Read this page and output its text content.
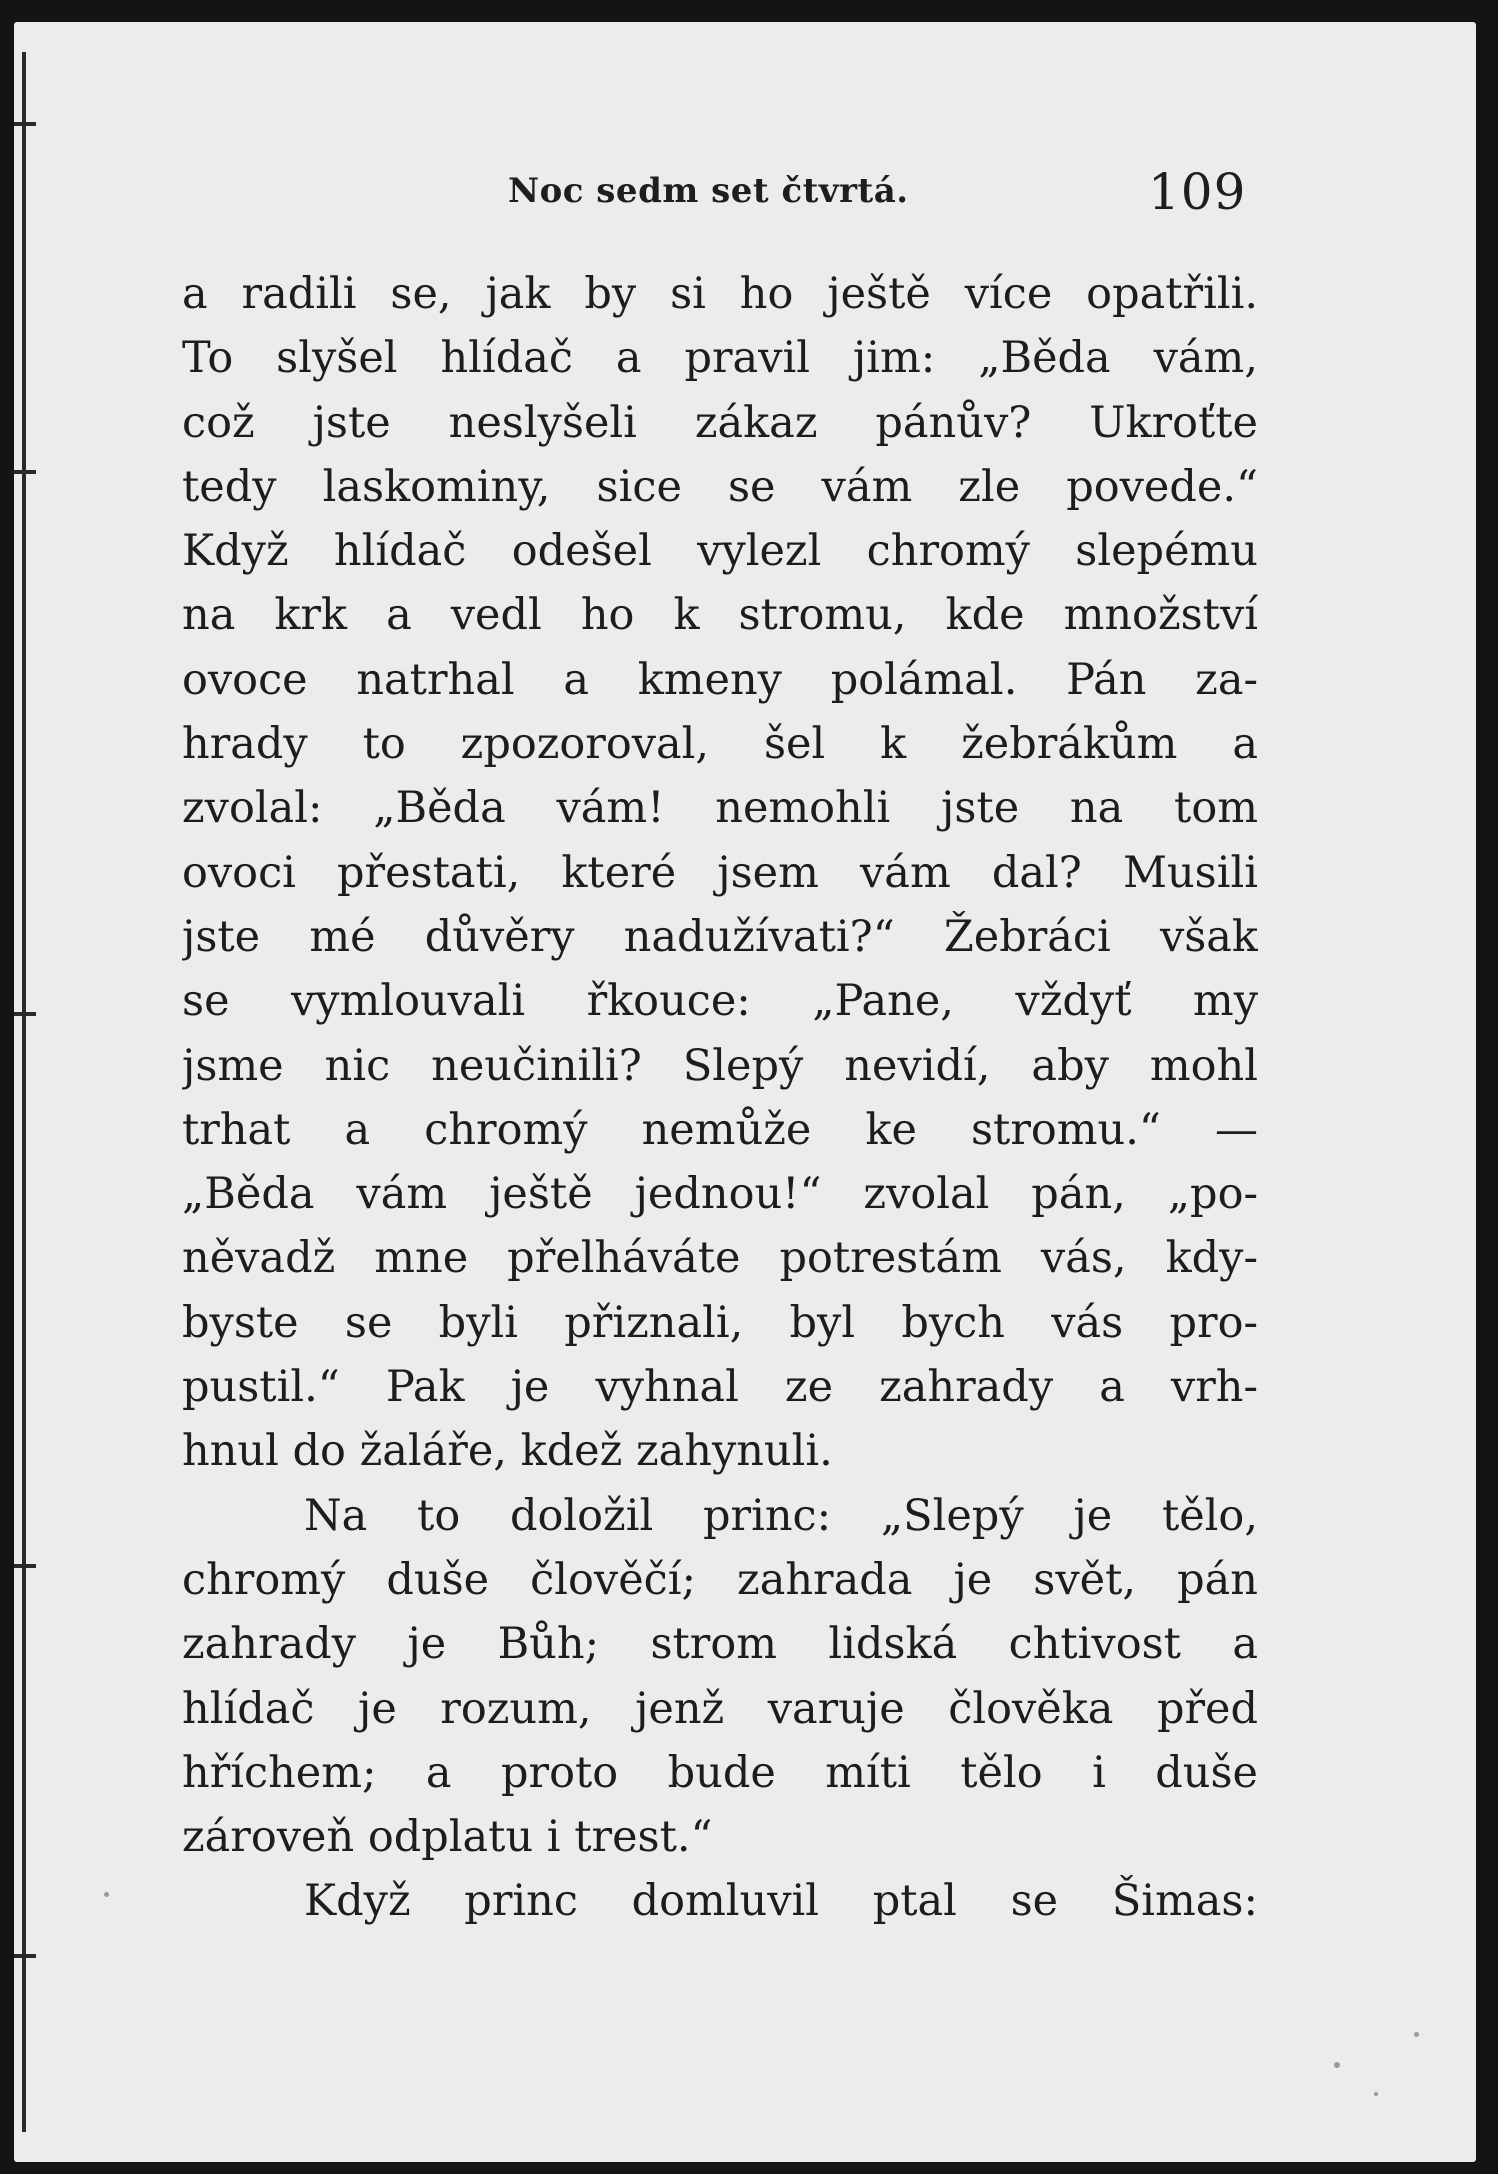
Noc sedm set čtvrtá.	109
a radili se, jak by si ho ještě více opatřili.
To slyšel hlídač a pravil jim: „Běda vám,
což jste neslyšeli zákaz pánův? Ukroťte
tedy laskominy, sice se vám zle povede.“
Když hlídač odešel vylezl chromý slepému
na krk a vedl ho k stromu, kde množství
ovoce natrhal a kmeny polámal. Pán za-
hrady to zpozoroval, šel k žebrákům a
zvolal: „Běda vám! nemohli jste na tom
ovoci přestati, které jsem vám dal? Musili
jste mé důvěry nadužívati?“ Žebráci však
se vymlouvali řkouce: „Pane, vždyť my
jsme nic neučinili? Slepý nevidí, aby mohl
trhat a chromý nemůže ke stromu.“ —
„Běda vám ještě jednou!“ zvolal pán, „po-
něvadž mne přelháváte potrestám vás, kdy-
byste se byli přiznali, byl bych vás pro-
pustil.“ Pak je vyhnal ze zahrady a vrh-
hnul do žaláře, kdež zahynuli.
Na to doložil princ: „Slepý je tělo,
chromý duše člověčí; zahrada je svět, pán
zahrady je Bůh; strom lidská chtivost a
hlídač je rozum, jenž varuje člověka před
hříchem; a proto bude míti tělo i duše
zároveň odplatu i trest.“
Když princ domluvil ptal se Šimas:
